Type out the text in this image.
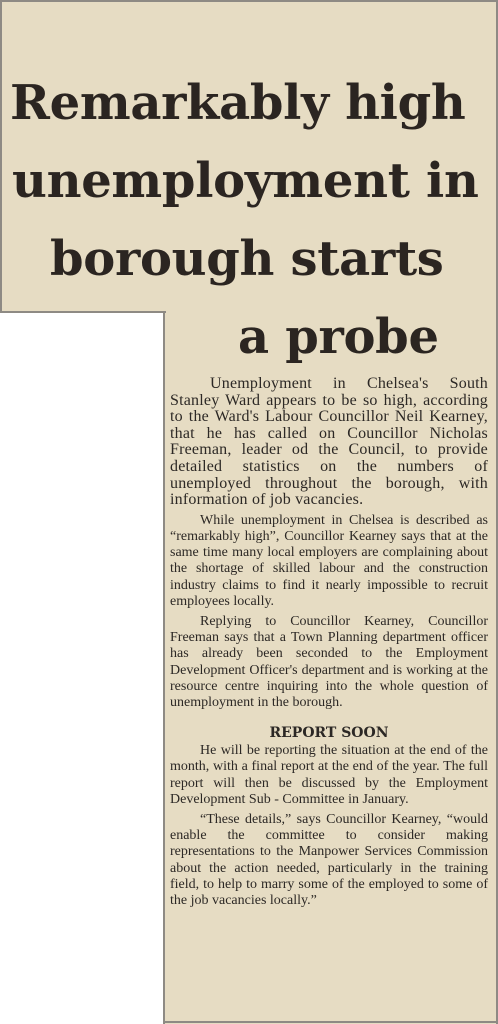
Remarkably high
unemployment in
borough starts
a probe

Unemployment in Chelsea's South Stanley Ward appears to be so high, according to the Ward's Labour Councillor Neil Kearney, that he has called on Councillor Nicholas Freeman, leader od the Council, to provide detailed statistics on the numbers of unemployed throughout the borough, with information of job vacancies.

While unemployment in Chelsea is described as “remarkably high”, Councillor Kearney says that at the same time many local employers are complaining about the shortage of skilled labour and the construction industry claims to find it nearly impossible to recruit employees locally.

Replying to Councillor Kearney, Councillor Freeman says that a Town Planning department officer has already been seconded to the Employment Development Officer's department and is working at the resource centre inquiring into the whole question of unemployment in the borough.

REPORT SOON

He will be reporting the situation at the end of the month, with a final report at the end of the year. The full report will then be discussed by the Employment Development Sub - Committee in January.

“These details,” says Councillor Kearney, “would enable the committee to consider making representations to the Manpower Services Commission about the action needed, particularly in the training field, to help to marry some of the employed to some of the job vacancies locally.”
